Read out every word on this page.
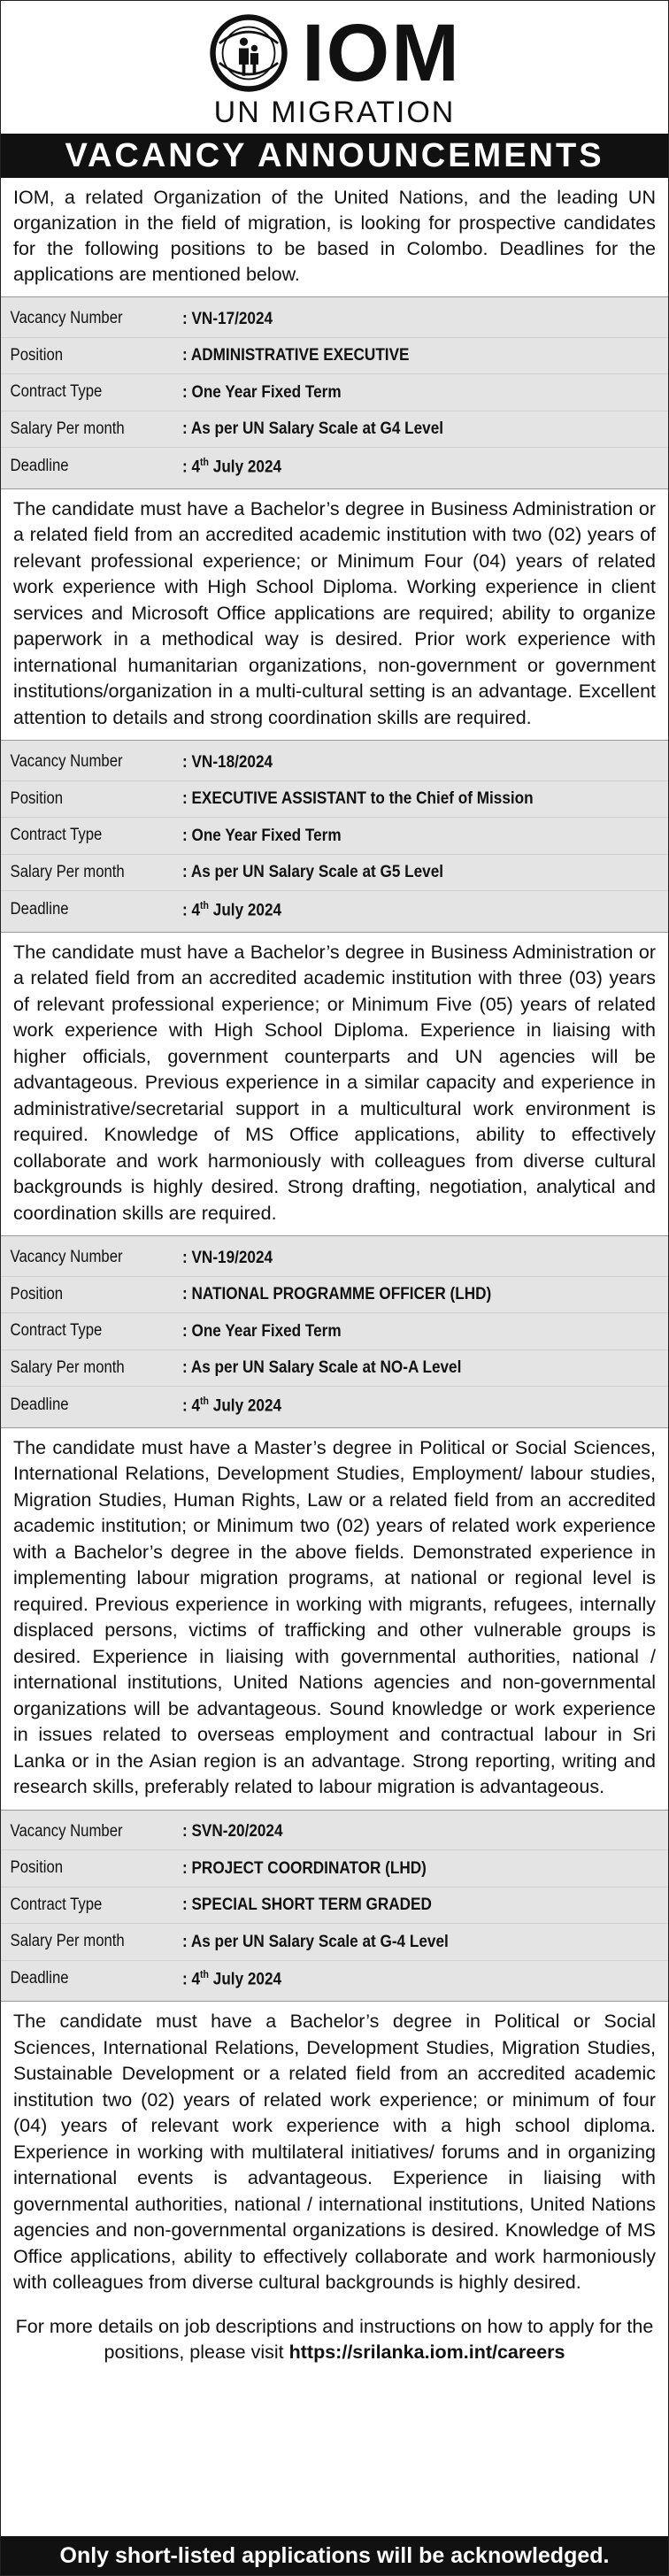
IOM
UN MIGRATION
VACANCY ANNOUNCEMENTS
IOM, a related Organization of the United Nations, and the leading UN organization in the field of migration, is looking for prospective candidates for the following positions to be based in Colombo. Deadlines for the applications are mentioned below.
Vacancy Number	: VN-17/2024
Position	: ADMINISTRATIVE EXECUTIVE
Contract Type	: One Year Fixed Term
Salary Per month	: As per UN Salary Scale at G4 Level
Deadline	: 4th July 2024
The candidate must have a Bachelor’s degree in Business Administration or a related field from an accredited academic institution with two (02) years of relevant professional experience; or Minimum Four (04) years of related work experience with High School Diploma. Working experience in client services and Microsoft Office applications are required; ability to organize paperwork in a methodical way is desired. Prior work experience with international humanitarian organizations, non-government or government institutions/organization in a multi-cultural setting is an advantage. Excellent attention to details and strong coordination skills are required.
Vacancy Number	: VN-18/2024
Position	: EXECUTIVE ASSISTANT to the Chief of Mission
Contract Type	: One Year Fixed Term
Salary Per month	: As per UN Salary Scale at G5 Level
Deadline	: 4th July 2024
The candidate must have a Bachelor’s degree in Business Administration or a related field from an accredited academic institution with three (03) years of relevant professional experience; or Minimum Five (05) years of related work experience with High School Diploma. Experience in liaising with higher officials, government counterparts and UN agencies will be advantageous. Previous experience in a similar capacity and experience in administrative/secretarial support in a multicultural work environment is required. Knowledge of MS Office applications, ability to effectively collaborate and work harmoniously with colleagues from diverse cultural backgrounds is highly desired. Strong drafting, negotiation, analytical and coordination skills are required.
Vacancy Number	: VN-19/2024
Position	: NATIONAL PROGRAMME OFFICER (LHD)
Contract Type	: One Year Fixed Term
Salary Per month	: As per UN Salary Scale at NO-A Level
Deadline	: 4th July 2024
The candidate must have a Master’s degree in Political or Social Sciences, International Relations, Development Studies, Employment/ labour studies, Migration Studies, Human Rights, Law or a related field from an accredited academic institution; or Minimum two (02) years of related work experience with a Bachelor’s degree in the above fields. Demonstrated experience in implementing labour migration programs, at national or regional level is required. Previous experience in working with migrants, refugees, internally displaced persons, victims of trafficking and other vulnerable groups is desired. Experience in liaising with governmental authorities, national / international institutions, United Nations agencies and non-governmental organizations will be advantageous. Sound knowledge or work experience in issues related to overseas employment and contractual labour in Sri Lanka or in the Asian region is an advantage. Strong reporting, writing and research skills, preferably related to labour migration is advantageous.
Vacancy Number	: SVN-20/2024
Position	: PROJECT COORDINATOR (LHD)
Contract Type	: SPECIAL SHORT TERM GRADED
Salary Per month	: As per UN Salary Scale at G-4 Level
Deadline	: 4th July 2024
The candidate must have a Bachelor’s degree in Political or Social Sciences, International Relations, Development Studies, Migration Studies, Sustainable Development or a related field from an accredited academic institution two (02) years of related work experience; or minimum of four (04) years of relevant work experience with a high school diploma. Experience in working with multilateral initiatives/ forums and in organizing international events is advantageous. Experience in liaising with governmental authorities, national / international institutions, United Nations agencies and non-governmental organizations is desired. Knowledge of MS Office applications, ability to effectively collaborate and work harmoniously with colleagues from diverse cultural backgrounds is highly desired.
For more details on job descriptions and instructions on how to apply for the positions, please visit https://srilanka.iom.int/careers
Only short-listed applications will be acknowledged.
